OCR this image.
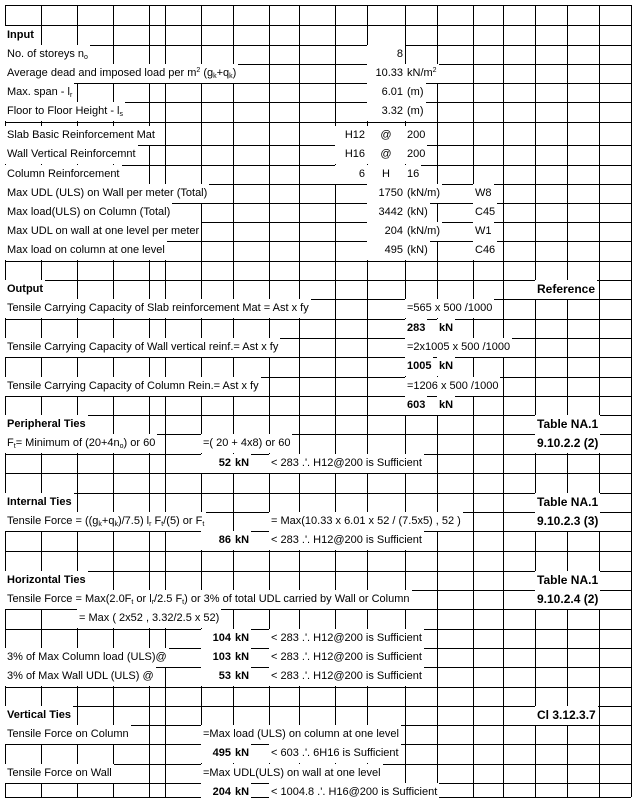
Input
No. of storeys $n_o$	8
Average dead and imposed load per $m^2$ $(g_k+q_k)$	10.33 $kN/m^2$
Max. span - $l_r$	6.01 (m)
Floor to Floor Height - $l_s$	3.32 (m)
Slab Basic Reinforcement Mat	H12	@	200
Wall Vertical Reinforcemnt	H16	@	200
Column Reinforcement	6	H	16
Max UDL (ULS) on Wall per meter (Total)	1750 (kN/m)	W8
Max load(ULS) on Column (Total)	3442 (kN)	C45
Max UDL on wall at one level per meter	204 (kN/m)	W1
Max load on column at one level	495 (kN)	C46
Output	Reference
Tensile Carrying Capacity of Slab reinforcement Mat = Ast x fy	=565 x 500 /1000
283 kN
Tensile Carrying Capacity of Wall vertical reinf.= Ast x fy	=2x1005 x 500 /1000
1005 kN
Tensile Carrying Capacity of Column Rein.= Ast x fy	=1206 x 500 /1000
603 kN
Peripheral Ties	Table NA.1
$F_t=$ Minimum of $(20+4n_o)$ or 60	=( 20 + 4x8) or 60	9.10.2.2 (2)
52 kN < 283 .'. H12@200 is Sufficient
Internal Ties	Table NA.1
Tensile Force = $((g_k+q_k)/7.5)$ $l_r$ $F_t/(5)$ or $F_t$	= Max(10.33 x 6.01 x 52 / (7.5x5) , 52 )	9.10.2.3 (3)
86 kN < 283 .'. H12@200 is Sufficient
Horizontal Ties	Table NA.1
Tensile Force = $Max(2.0F_t$ or $l_r/2.5$ $F_t$) or 3% of total UDL carried by Wall or Column	9.10.2.4 (2)
= Max ( 2x52 , 3.32/2.5 x 52)
104 kN < 283 .'. H12@200 is Sufficient
3% of Max Column load (ULS)@	103 kN < 283 .'. H12@200 is Sufficient
3% of Max Wall UDL (ULS) @	53 kN < 283 .'. H12@200 is Sufficient
Vertical Ties	Cl 3.12.3.7
Tensile Force on Column	=Max load (ULS) on column at one level
495 kN < 603 .'. 6H16 is Sufficient
Tensile Force on Wall	=Max UDL(ULS) on wall at one level
204 kN < 1004.8 .'. H16@200 is Sufficient
